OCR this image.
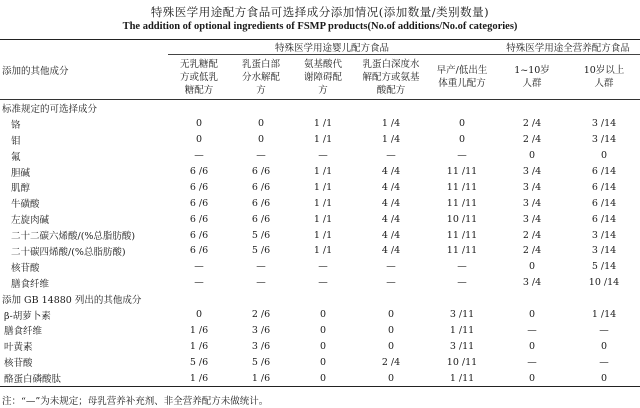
特殊医学用途配方食品可选择成分添加情况(添加数量/类别数量)
The addition of optional ingredients of FSMP products(No.of additions/No.of categories)

添加的其他成分	特殊医学用途婴儿配方食品					特殊医学用途全营养配方食品	

	无乳糖配方或低乳糖配方	乳蛋白部分水解配方	氨基酸代谢障碍配方	乳蛋白深度水解配方或氨基酸配方	早产/低出生体重儿配方	1~10岁人群	10岁以上人群

标准规定的可选择成分							
铬	0	0	1 /1	1 /4	0	2 /4	3 /14
钼	0	0	1 /1	1 /4	0	2 /4	3 /14
氟	—	—	—	—	—	0	0
胆碱	6 /6	6 /6	1 /1	4 /4	11 /11	3 /4	6 /14
肌醇	6 /6	6 /6	1 /1	4 /4	11 /11	3 /4	6 /14
牛磺酸	6 /6	6 /6	1 /1	4 /4	11 /11	3 /4	6 /14
左旋肉碱	6 /6	6 /6	1 /1	4 /4	10 /11	3 /4	6 /14
二十二碳六烯酸/(%总脂肪酸)	6 /6	5 /6	1 /1	4 /4	11 /11	2 /4	3 /14
二十碳四烯酸/(%总脂肪酸)	6 /6	5 /6	1 /1	4 /4	11 /11	2 /4	3 /14
核苷酸	—	—	—	—	—	0	5 /14
膳食纤维	—	—	—	—	—	3 /4	10 /14
添加 GB 14880 列出的其他成分							
β-胡萝卜素	0	2 /6	0	0	3 /11	0	1 /14
膳食纤维	1 /6	3 /6	0	0	1 /11	—	—
叶黄素	1 /6	3 /6	0	0	3 /11	0	0
核苷酸	5 /6	5 /6	0	2 /4	10 /11	—	—
酪蛋白磷酸肽	1 /6	1 /6	0	0	1 /11	0	0

注：“—”为未规定；母乳营养补充剂、非全营养配方未做统计。
